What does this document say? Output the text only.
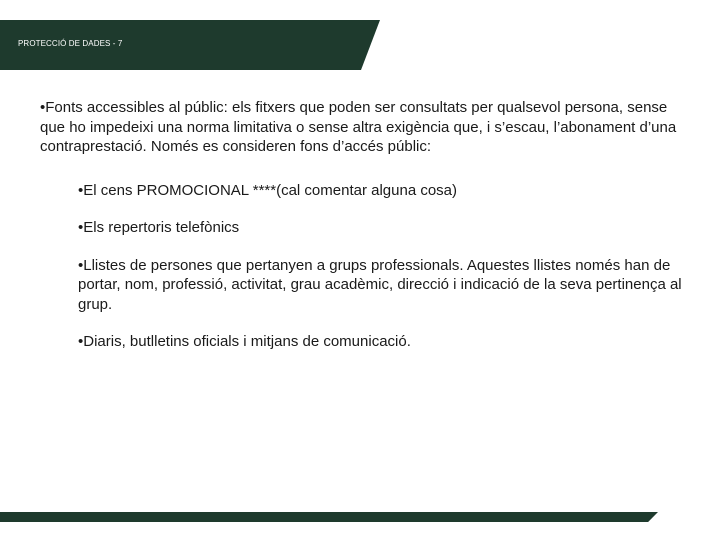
PROTECCIÓ DE DADES - 7

•Fonts accessibles al públic: els fitxers que poden ser consultats per qualsevol persona, sense que ho impedeixi una norma limitativa o sense altra exigència que, i s’escau, l’abonament d’una contraprestació. Només es consideren fons d’accés públic:

•El cens PROMOCIONAL ****(cal comentar alguna cosa)
•Els repertoris telefònics
•Llistes de persones que pertanyen a grups professionals. Aquestes llistes només han de portar, nom, professió, activitat, grau acadèmic, direcció i indicació de la seva pertinença al grup.
•Diaris, butlletins oficials i mitjans de comunicació.
